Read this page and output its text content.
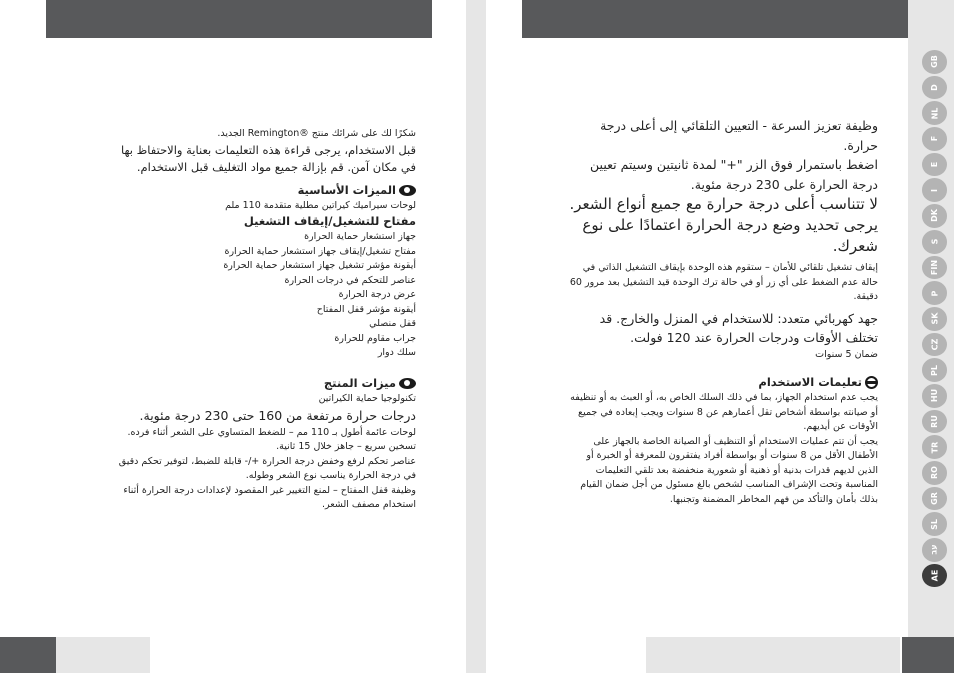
شكرًا لك على شرائك منتج ®Remington الجديد.

قبل الاستخدام، يرجى قراءة هذه التعليمات بعناية والاحتفاظ بها في مكان آمن. قم بإزالة جميع مواد التغليف قبل الاستخدام.

الميزات الأساسية

لوحات سيراميك كيراتين مطلية متقدمة 110 ملم

مفتاح للتشغيل/إيقاف التشغيل

جهاز استشعار حماية الحرارة

مفتاح تشغيل/إيقاف جهاز استشعار حماية الحرارة

أيقونة مؤشر تشغيل جهاز استشعار حماية الحرارة

عناصر للتحكم في درجات الحرارة

عرض درجة الحرارة

أيقونة مؤشر قفل المفتاح

قفل منصلي

جراب مقاوم للحرارة

سلك دوار

ميزات المنتج

تكنولوجيا حماية الكيراتين

درجات حرارة مرتفعة من 160 حتى 230 درجة مئوية.

لوحات عائمة أطول بـ 110 مم – للضغط المتساوي على الشعر أثناء فرده.

تسخين سريع – جاهز خلال 15 ثانية.

عناصر تحكم لرفع وخفض درجة الحرارة +/- قابلة للضبط، لتوفير تحكم دقيق في درجة الحرارة يناسب نوع الشعر وطوله.

وظيفة قفل المفتاح – لمنع التغيير غير المقصود لإعدادات درجة الحرارة أثناء استخدام مصفف الشعر.

وظيفة تعزيز السرعة - التعيين التلقائي إلى أعلى درجة حرارة.

اضغط باستمرار فوق الزر "+" لمدة ثانيتين وسيتم تعيين درجة الحرارة على 230 درجة مئوية.

لا تتناسب أعلى درجة حرارة مع جميع أنواع الشعر. يرجى تحديد وضع درجة الحرارة اعتمادًا على نوع شعرك.

إيقاف تشغيل تلقائي للأمان – ستقوم هذه الوحدة بإيقاف التشغيل الذاتي في حالة عدم الضغط على أي زر أو في حالة ترك الوحدة قيد التشغيل بعد مرور 60 دقيقة.

جهد كهربائي متعدد: للاستخدام في المنزل والخارج. قد تختلف الأوقات ودرجات الحرارة عند 120 فولت.

ضمان 5 سنوات

تعليمات الاستخدام

يجب عدم استخدام الجهاز، بما في ذلك السلك الخاص به، أو العبث به أو تنظيفه أو صيانته بواسطة أشخاص تقل أعمارهم عن 8 سنوات ويجب إبعاده في جميع الأوقات عن أيديهم.

يجب أن تتم عمليات الاستخدام أو التنظيف أو الصيانة الخاصة بالجهاز على الأطفال الأقل من 8 سنوات أو بواسطة أفراد يفتقرون للمعرفة أو الخبرة أو الذين لديهم قدرات بدنية أو ذهنية أو شعورية منخفضة بعد تلقي التعليمات المناسبة وتحت الإشراف المناسب لشخص بالغ مسئول من أجل ضمان القيام بذلك بأمان والتأكد من فهم المخاطر المضمنة وتجنبها.

GB
D
NL
F
E
I
DK
S
FIN
P
SK
CZ
PL
HU
RU
TR
RO
GR
SL
עב
AE
